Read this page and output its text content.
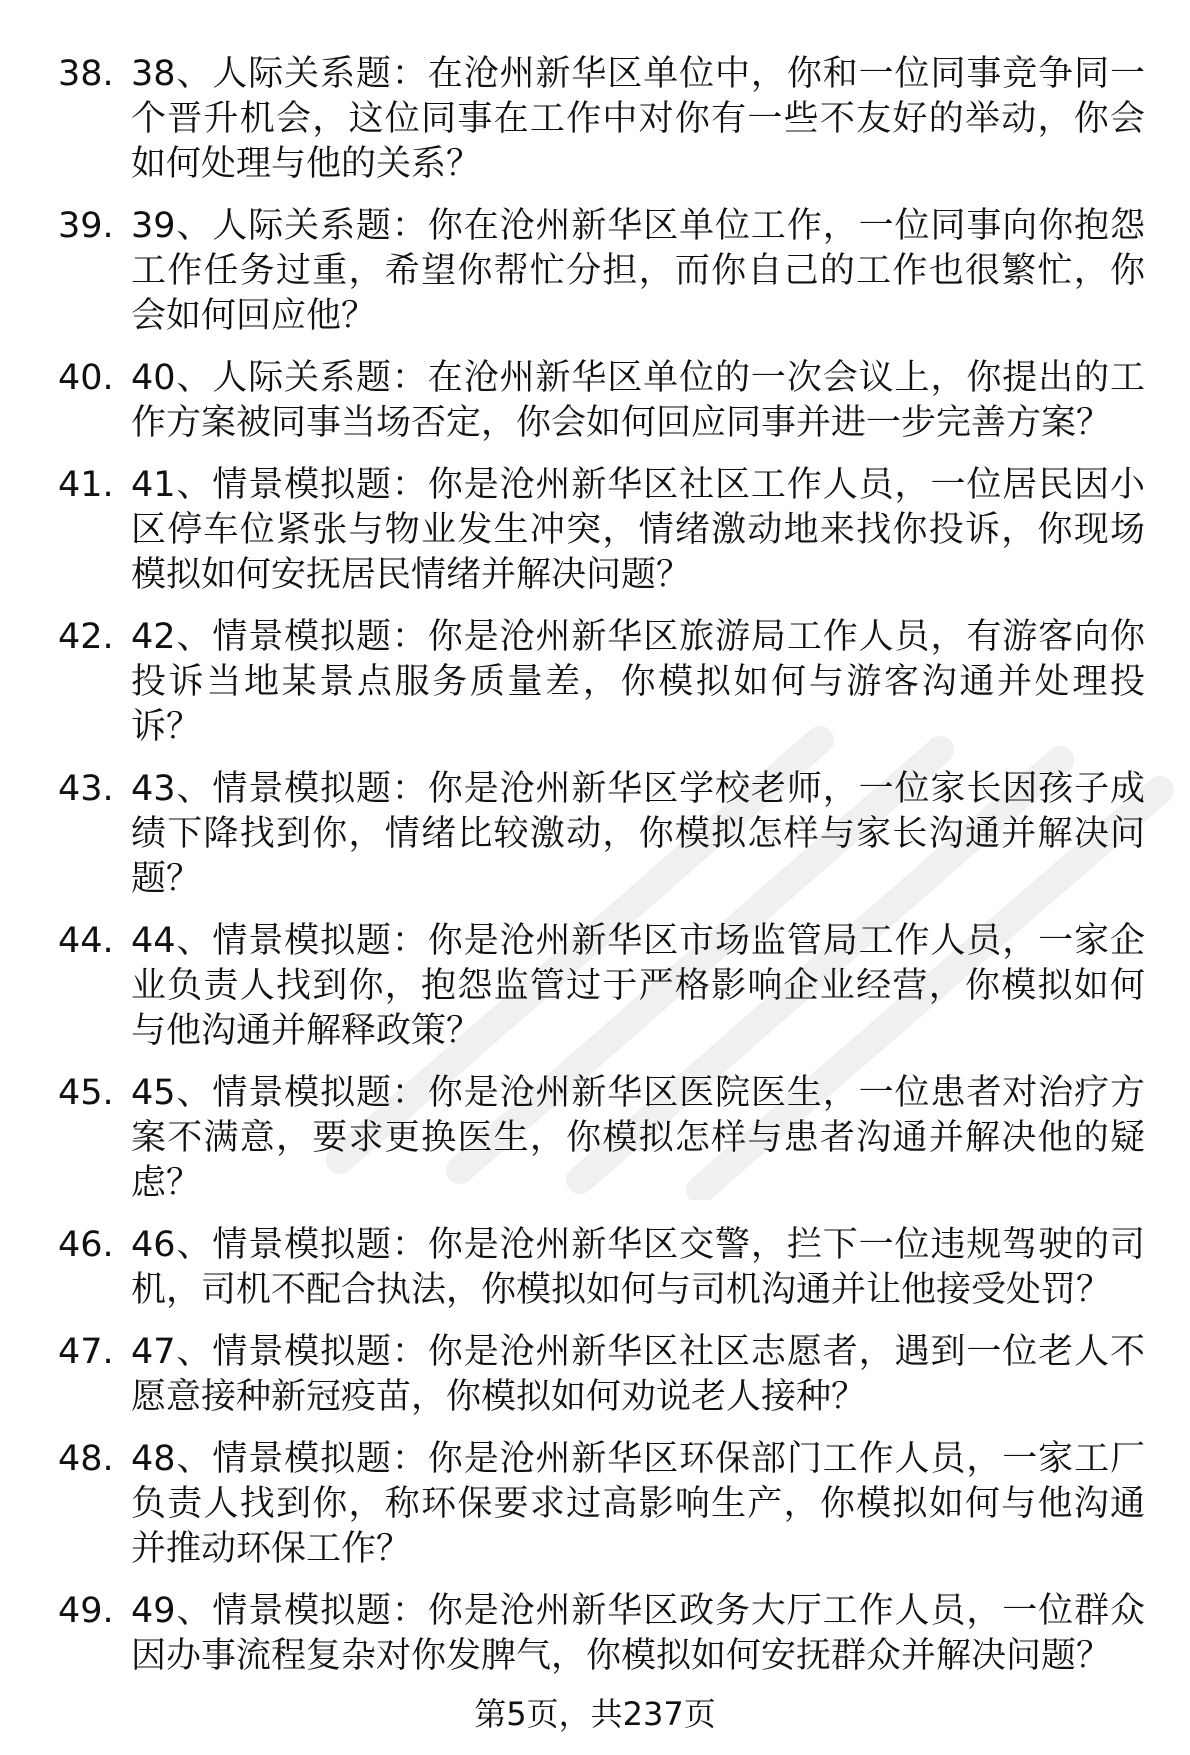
38. 38、人际关系题：在沧州新华区单位中，你和一位同事竞争同一个晋升机会，这位同事在工作中对你有一些不友好的举动，你会如何处理与他的关系？
39. 39、人际关系题：你在沧州新华区单位工作，一位同事向你抱怨工作任务过重，希望你帮忙分担，而你自己的工作也很繁忙，你会如何回应他？
40. 40、人际关系题：在沧州新华区单位的一次会议上，你提出的工作方案被同事当场否定，你会如何回应同事并进一步完善方案？
41. 41、情景模拟题：你是沧州新华区社区工作人员，一位居民因小区停车位紧张与物业发生冲突，情绪激动地来找你投诉，你现场模拟如何安抚居民情绪并解决问题？
42. 42、情景模拟题：你是沧州新华区旅游局工作人员，有游客向你投诉当地某景点服务质量差，你模拟如何与游客沟通并处理投诉？
43. 43、情景模拟题：你是沧州新华区学校老师，一位家长因孩子成绩下降找到你，情绪比较激动，你模拟怎样与家长沟通并解决问题？
44. 44、情景模拟题：你是沧州新华区市场监管局工作人员，一家企业负责人找到你，抱怨监管过于严格影响企业经营，你模拟如何与他沟通并解释政策？
45. 45、情景模拟题：你是沧州新华区医院医生，一位患者对治疗方案不满意，要求更换医生，你模拟怎样与患者沟通并解决他的疑虑？
46. 46、情景模拟题：你是沧州新华区交警，拦下一位违规驾驶的司机，司机不配合执法，你模拟如何与司机沟通并让他接受处罚？
47. 47、情景模拟题：你是沧州新华区社区志愿者，遇到一位老人不愿意接种新冠疫苗，你模拟如何劝说老人接种？
48. 48、情景模拟题：你是沧州新华区环保部门工作人员，一家工厂负责人找到你，称环保要求过高影响生产，你模拟如何与他沟通并推动环保工作？
49. 49、情景模拟题：你是沧州新华区政务大厅工作人员，一位群众因办事流程复杂对你发脾气，你模拟如何安抚群众并解决问题？
第5页，共237页
